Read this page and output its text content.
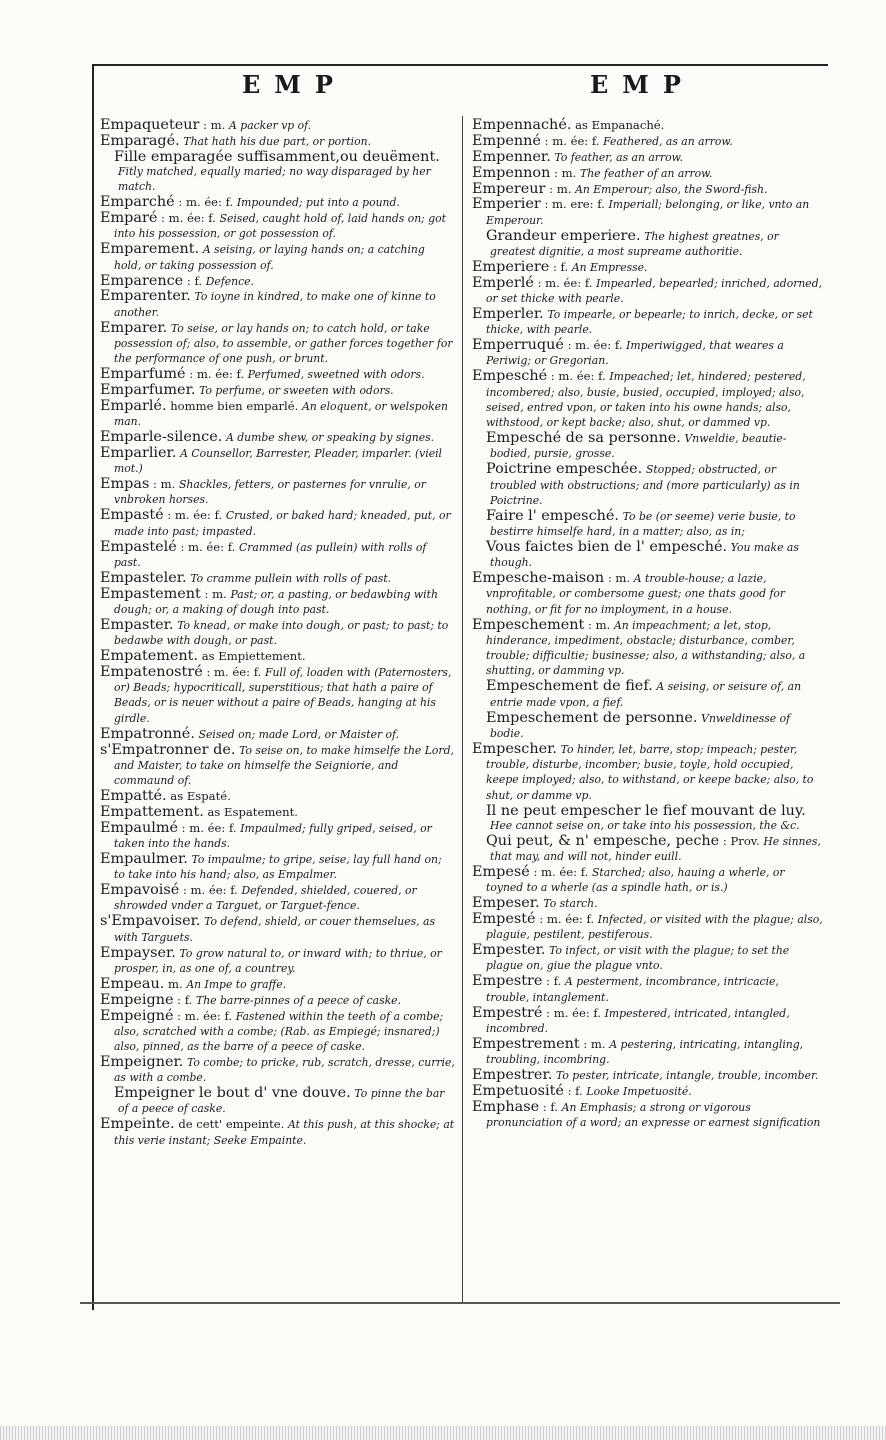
EMP	EMP
Empaqueteur : m. A packer vp of.
Emparagé. That hath his due part, or portion.
Fille emparagée suffisamment,ou deuëment. Fitly matched, equally maried; no way disparaged by her match.
Emparché : m. ée: f. Impounded; put into a pound.
Emparé : m. ée: f. Seised, caught hold of, laid hands on; got into his possession, or got possession of.
Emparement. A seising, or laying hands on; a catching hold, or taking possession of.
Emparence : f. Defence.
Emparenter. To ioyne in kindred, to make one of kinne to another.
Emparer. To seise, or lay hands on; to catch hold, or take possession of; also, to assemble, or gather forces together for the performance of one push, or brunt.
Emparfumé : m. ée: f. Perfumed, sweetned with odors.
Emparfumer. To perfume, or sweeten with odors.
Emparlé. homme bien emparlé. An eloquent, or welspoken man.
Emparle-silence. A dumbe shew, or speaking by signes.
Emparlier. A Counsellor, Barrester, Pleader, imparler. (vieil mot.)
Empas : m. Shackles, fetters, or pasternes for vnrulie, or vnbroken horses.
Empasté : m. ée: f. Crusted, or baked hard; kneaded, put, or made into past; impasted.
Empastelé : m. ée: f. Crammed (as pullein) with rolls of past.
Empasteler. To cramme pullein with rolls of past.
Empastement : m. Past; or, a pasting, or bedawbing with dough; or, a making of dough into past.
Empaster. To knead, or make into dough, or past; to past; to bedawbe with dough, or past.
Empatement. as Empiettement.
Empatenostré : m. ée: f. Full of, loaden with (Paternosters, or) Beads; hypocriticall, superstitious; that hath a paire of Beads, or is neuer without a paire of Beads, hanging at his girdle.
Empatronné. Seised on; made Lord, or Maister of.
s'Empatronner de. To seise on, to make himselfe the Lord, and Maister, to take on himselfe the Seigniorie, and commaund of.
Empatté. as Espaté.
Empattement. as Espatement.
Empaulmé : m. ée: f. Impaulmed; fully griped, seised, or taken into the hands.
Empaulmer. To impaulme; to gripe, seise, lay full hand on; to take into his hand; also, as Empalmer.
Empavoisé : m. ée: f. Defended, shielded, couered, or shrowded vnder a Targuet, or Targuet-fence.
s'Empavoiser. To defend, shield, or couer themselues, as with Targuets.
Empayser. To grow natural to, or inward with; to thriue, or prosper, in, as one of, a countrey.
Empeau. m. An Impe to graffe.
Empeigne : f. The barre-pinnes of a peece of caske.
Empeigné : m. ée: f. Fastened within the teeth of a combe; also, scratched with a combe; (Rab. as Empiegé; insnared;) also, pinned, as the barre of a peece of caske.
Empeigner. To combe; to pricke, rub, scratch, dresse, currie, as with a combe.
Empeigner le bout d' vne douve. To pinne the bar of a peece of caske.
Empeinte. de cett' empeinte. At this push, at this shocke; at this verie instant; Seeke Empainte.
Empennaché. as Empanaché.
Empenné : m. ée: f. Feathered, as an arrow.
Empenner. To feather, as an arrow.
Empennon : m. The feather of an arrow.
Empereur : m. An Emperour; also, the Sword-fish.
Emperier : m. ere: f. Imperiall; belonging, or like, vnto an Emperour.
Grandeur emperiere. The highest greatnes, or greatest dignitie, a most supreame authoritie.
Emperiere : f. An Empresse.
Emperlé : m. ée: f. Impearled, bepearled; inriched, adorned, or set thicke with pearle.
Emperler. To impearle, or bepearle; to inrich, decke, or set thicke, with pearle.
Emperruqué : m. ée: f. Imperiwigged, that weares a Periwig; or Gregorian.
Empesché : m. ée: f. Impeached; let, hindered; pestered, incombered; also, busie, busied, occupied, imployed; also, seised, entred vpon, or taken into his owne hands; also, withstood, or kept backe; also, shut, or dammed vp.
Empesché de sa personne. Vnweldie, beautie-bodied, pursie, grosse.
Poictrine empeschée. Stopped; obstructed, or troubled with obstructions; and (more particularly) as in Poictrine.
Faire l' empesché. To be (or seeme) verie busie, to bestirre himselfe hard, in a matter; also, as in;
Vous faictes bien de l' empesché. You make as though.
Empesche-maison : m. A trouble-house; a lazie, vnprofitable, or combersome guest; one thats good for nothing, or fit for no imployment, in a house.
Empeschement : m. An impeachment; a let, stop, hinderance, impediment, obstacle; disturbance, comber, trouble; difficultie; businesse; also, a withstanding; also, a shutting, or damming vp.
Empeschement de fief. A seising, or seisure of, an entrie made vpon, a fief.
Empeschement de personne. Vnweldinesse of bodie.
Empescher. To hinder, let, barre, stop; impeach; pester, trouble, disturbe, incomber; busie, toyle, hold occupied, keepe imployed; also, to withstand, or keepe backe; also, to shut, or damme vp.
Il ne peut empescher le fief mouvant de luy. Hee cannot seise on, or take into his possession, the &c.
Qui peut, & n' empesche, peche : Prov. He sinnes, that may, and will not, hinder euill.
Empesé : m. ée: f. Starched; also, hauing a wherle, or toyned to a wherle (as a spindle hath, or is.)
Empeser. To starch.
Empesté : m. ée: f. Infected, or visited with the plague; also, plaguie, pestilent, pestiferous.
Empester. To infect, or visit with the plague; to set the plague on, giue the plague vnto.
Empestre : f. A pesterment, incombrance, intricacie, trouble, intanglement.
Empestré : m. ée: f. Impestered, intricated, intangled, incombred.
Empestrement : m. A pestering, intricating, intangling, troubling, incombring.
Empestrer. To pester, intricate, intangle, trouble, incomber.
Empetuosité : f. Looke Impetuosité.
Emphase : f. An Emphasis; a strong or vigorous pronunciation of a word; an expresse or earnest signification
